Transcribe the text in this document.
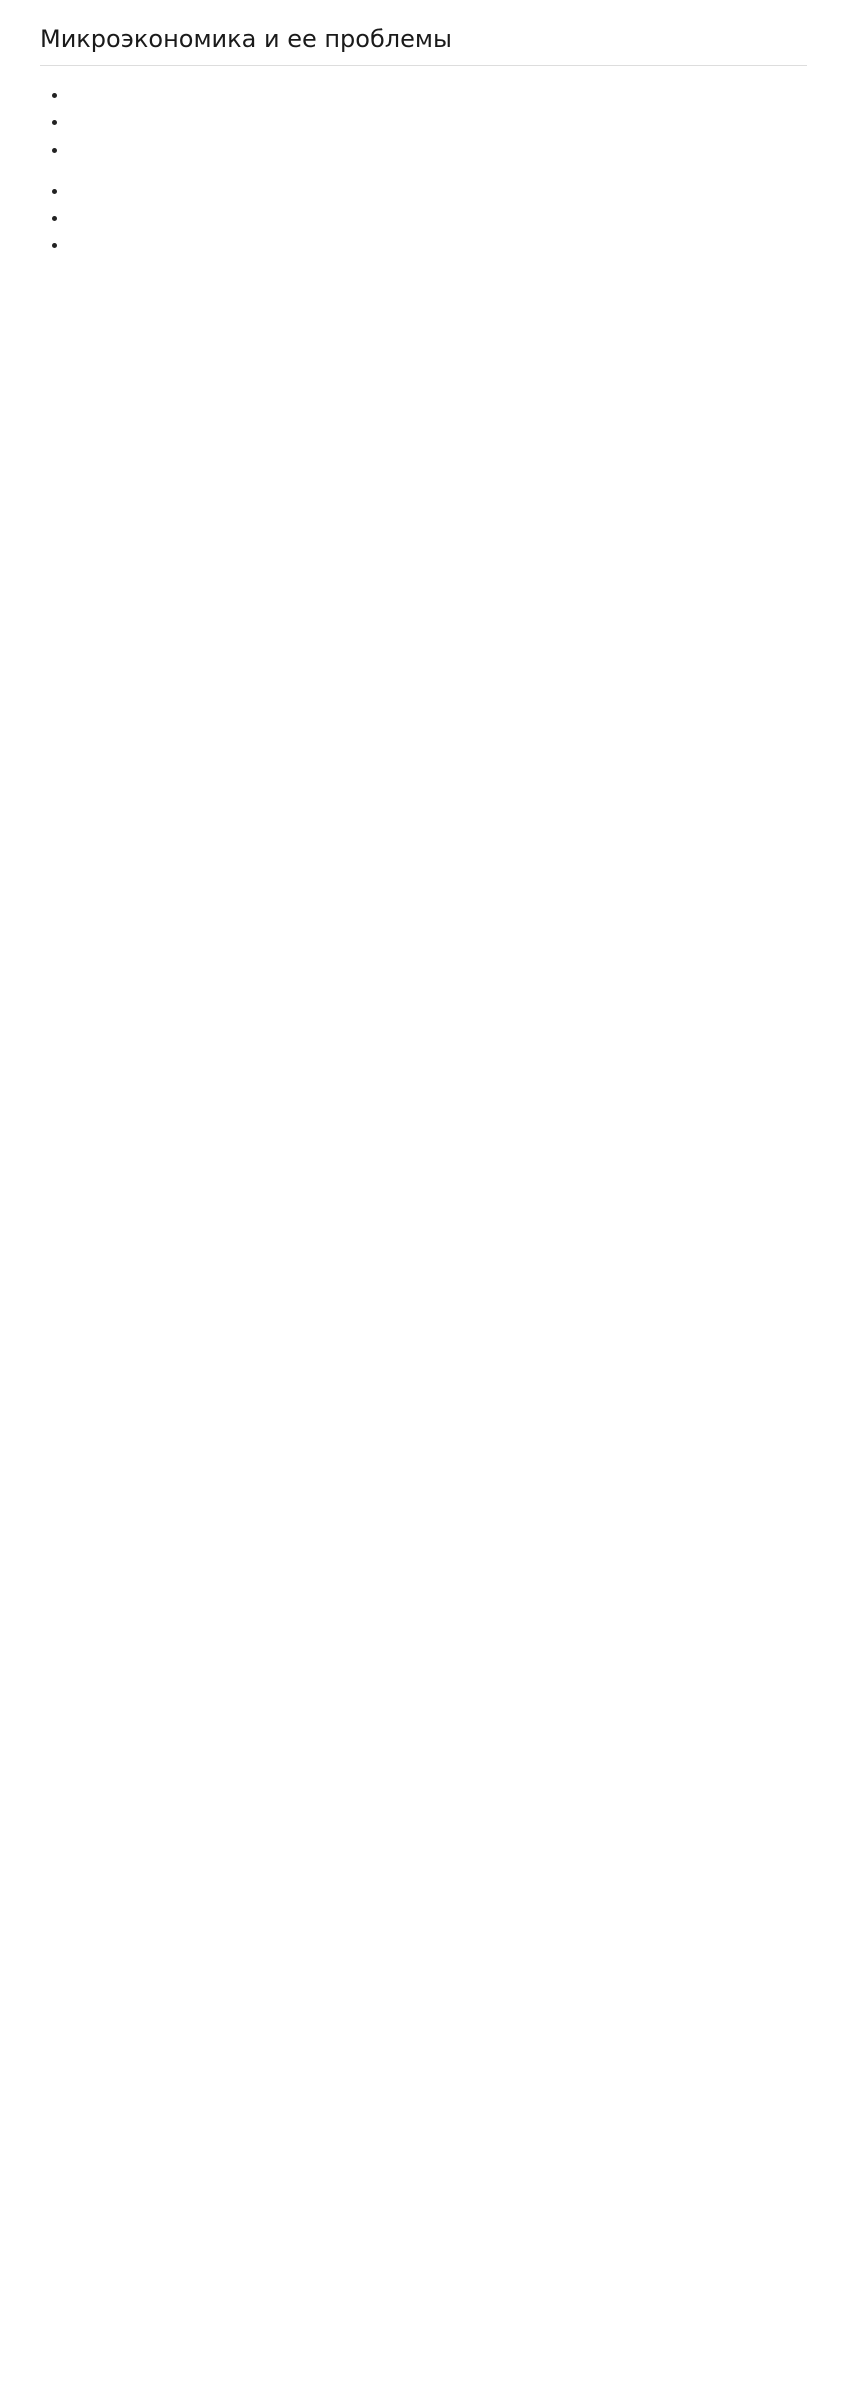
Микроэкономика и ее проблемы

•
•
•

•
•
•
